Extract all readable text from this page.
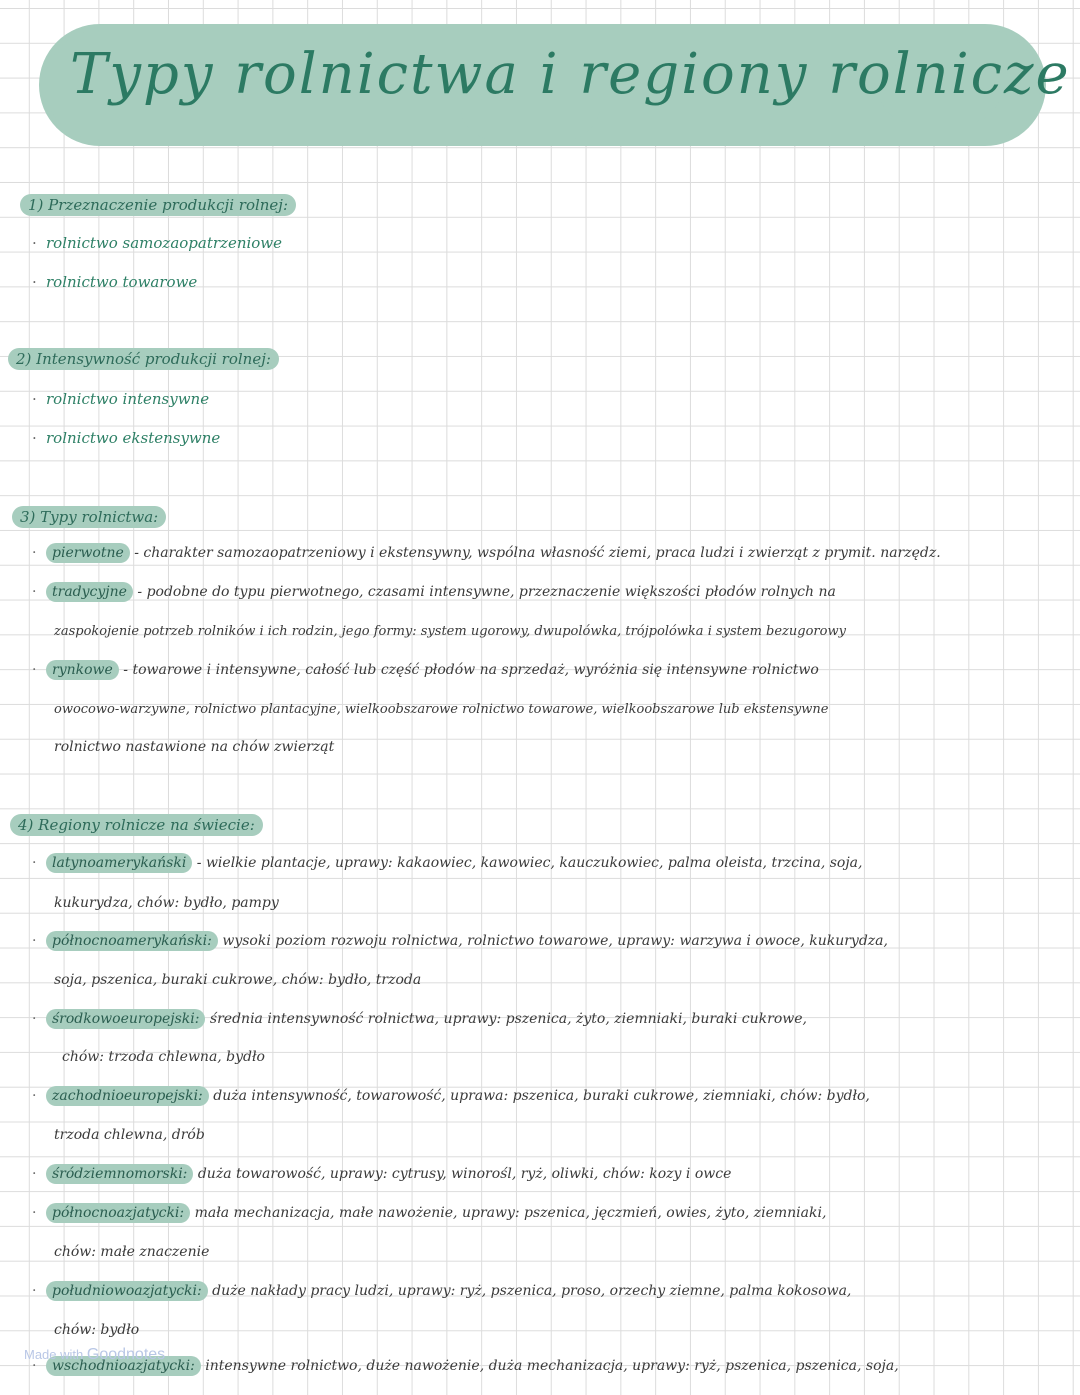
Typy rolnictwa i regiony rolnicze
1) Przeznaczenie produkcji rolnej:
· rolnictwo samozaopatrzeniowe
· rolnictwo towarowe
2) Intensywność produkcji rolnej:
· rolnictwo intensywne
· rolnictwo ekstensywne
3) Typy rolnictwa:
· pierwotne - charakter samozaopatrzeniowy i ekstensywny, wspólna własność ziemi, praca ludzi i zwierząt z prymit. narzędz.
· tradycyjne - podobne do typu pierwotnego, czasami intensywne, przeznaczenie większości płodów rolnych na
zaspokojenie potrzeb rolników i ich rodzin, jego formy: system ugorowy, dwupolówka, trójpolówka i system bezugorowy
· rynkowe - towarowe i intensywne, całość lub część płodów na sprzedaż, wyróżnia się intensywne rolnictwo
owocowo-warzywne, rolnictwo plantacyjne, wielkoobszarowe rolnictwo towarowe, wielkoobszarowe lub ekstensywne
rolnictwo nastawione na chów zwierząt
4) Regiony rolnicze na świecie:
· latynoamerykański - wielkie plantacje, uprawy: kakaowiec, kawowiec, kauczukowiec, palma oleista, trzcina, soja,
kukurydza, chów: bydło, pampy
· północnoamerykański: wysoki poziom rozwoju rolnictwa, rolnictwo towarowe, uprawy: warzywa i owoce, kukurydza,
soja, pszenica, buraki cukrowe, chów: bydło, trzoda
· środkowoeuropejski: średnia intensywność rolnictwa, uprawy: pszenica, żyto, ziemniaki, buraki cukrowe,
chów: trzoda chlewna, bydło
· zachodnioeuropejski: duża intensywność, towarowość, uprawa: pszenica, buraki cukrowe, ziemniaki, chów: bydło,
trzoda chlewna, drób
· śródziemnomorski: duża towarowość, uprawy: cytrusy, winorośl, ryż, oliwki, chów: kozy i owce
· północnoazjatycki: mała mechanizacja, małe nawożenie, uprawy: pszenica, jęczmień, owies, żyto, ziemniaki,
chów: małe znaczenie
· południowoazjatycki: duże nakłady pracy ludzi, uprawy: ryż, pszenica, proso, orzechy ziemne, palma kokosowa,
chów: bydło
· wschodnioazjatycki: intensywne rolnictwo, duże nawożenie, duża mechanizacja, uprawy: ryż, pszenica, pszenica, soja,
Made with Goodnotes
